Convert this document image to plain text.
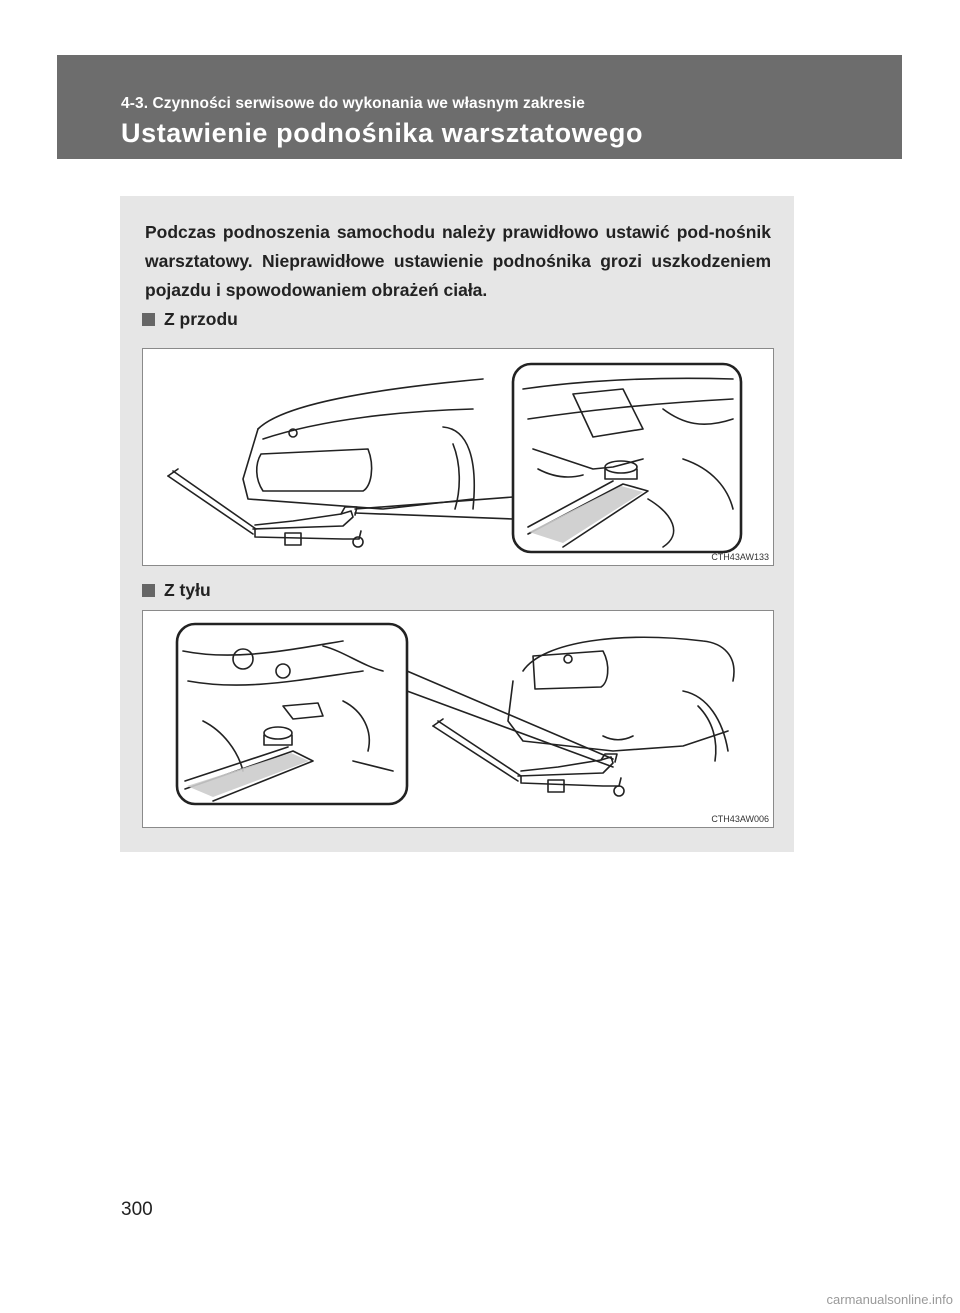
4-3. Czynności serwisowe do wykonania we własnym zakresie
Ustawienie podnośnika warsztatowego
Podczas podnoszenia samochodu należy prawidłowo ustawić pod-nośnik warsztatowy. Nieprawidłowe ustawienie podnośnika grozi uszkodzeniem pojazdu i spowodowaniem obrażeń ciała.
Z przodu
CTH43AW133
Z tyłu
CTH43AW006
300
carmanualsonline.info
